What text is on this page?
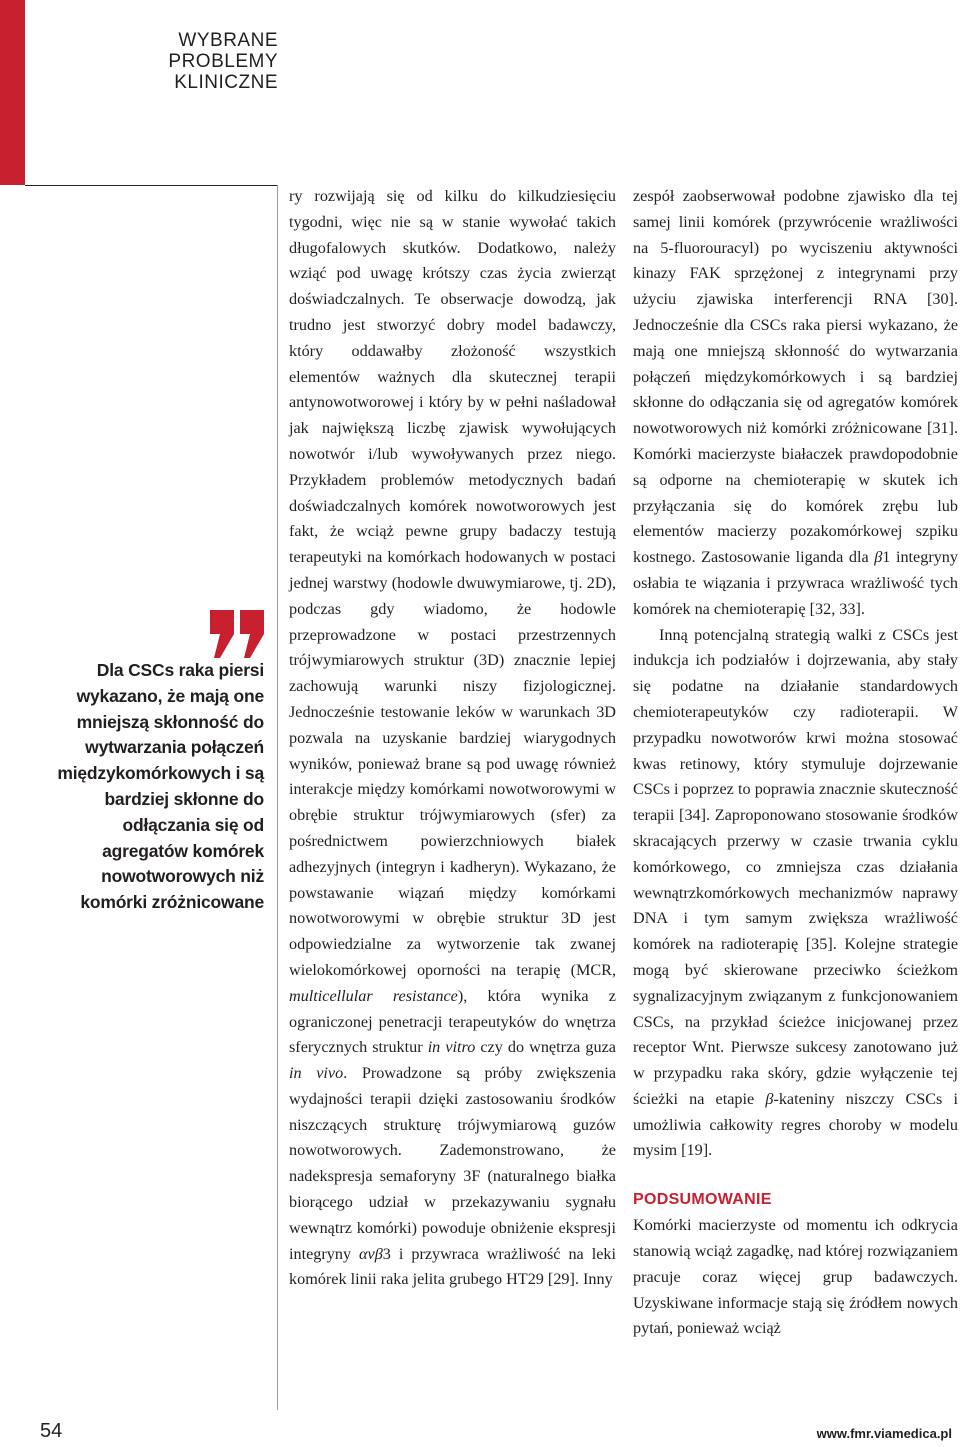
WYBRANE PROBLEMY KLINICZNE
Dla CSCs raka piersi wykazano, że mają one mniejszą skłonność do wytwarzania połączeń międzykomórkowych i są bardziej skłonne do odłączania się od agregatów komórek nowotworowych niż komórki zróżnicowane

ry rozwijają się od kilku do kilkudziesięciu tygodni, więc nie są w stanie wywołać takich długofalowych skutków. Dodatkowo, należy wziąć pod uwagę krótszy czas życia zwierząt doświadczalnych. Te obserwacje dowodzą, jak trudno jest stworzyć dobry model badawczy, który oddawałby złożoność wszystkich elementów ważnych dla skutecznej terapii antynowotworowej i który by w pełni naśladował jak największą liczbę zjawisk wywołujących nowotwór i/lub wywoływanych przez niego. Przykładem problemów metodycznych badań doświadczalnych komórek nowotworowych jest fakt, że wciąż pewne grupy badaczy testują terapeutyki na komórkach hodowanych w postaci jednej warstwy (hodowle dwuwymiarowe, tj. 2D), podczas gdy wiadomo, że hodowle przeprowadzone w postaci przestrzennych trójwymiarowych struktur (3D) znacznie lepiej zachowują warunki niszy fizjologicznej. Jednocześnie testowanie leków w warunkach 3D pozwala na uzyskanie bardziej wiarygodnych wyników, ponieważ brane są pod uwagę również interakcje między komórkami nowotworowymi w obrębie struktur trójwymiarowych (sfer) za pośrednictwem powierzchniowych białek adhezyjnych (integryn i kadheryn). Wykazano, że powstawanie wiązań między komórkami nowotworowymi w obrębie struktur 3D jest odpowiedzialne za wytworzenie tak zwanej wielokomórkowej oporności na terapię (MCR, multicellular resistance), która wynika z ograniczonej penetracji terapeutyków do wnętrza sferycznych struktur in vitro czy do wnętrza guza in vivo. Prowadzone są próby zwiększenia wydajności terapii dzięki zastosowaniu środków niszczących strukturę trójwymiarową guzów nowotworowych. Zademonstrowano, że nadekspresja semaforyny 3F (naturalnego białka biorącego udział w przekazywaniu sygnału wewnątrz komórki) powoduje obniżenie ekspresji integryny αvβ3 i przywraca wrażliwość na leki komórek linii raka jelita grubego HT29 [29]. Inny

zespół zaobserwował podobne zjawisko dla tej samej linii komórek (przywrócenie wrażliwości na 5-fluorouracyl) po wyciszeniu aktywności kinazy FAK sprzężonej z integrynami przy użyciu zjawiska interferencji RNA [30]. Jednocześnie dla CSCs raka piersi wykazano, że mają one mniejszą skłonność do wytwarzania połączeń międzykomórkowych i są bardziej skłonne do odłączania się od agregatów komórek nowotworowych niż komórki zróżnicowane [31]. Komórki macierzyste białaczek prawdopodobnie są odporne na chemioterapię w skutek ich przyłączania się do komórek zrębu lub elementów macierzy pozakomórkowej szpiku kostnego. Zastosowanie liganda dla β1 integryny osłabia te wiązania i przywraca wrażliwość tych komórek na chemioterapię [32, 33].

Inną potencjalną strategią walki z CSCs jest indukcja ich podziałów i dojrzewania, aby stały się podatne na działanie standardowych chemioterapeutyków czy radioterapii. W przypadku nowotworów krwi można stosować kwas retinowy, który stymuluje dojrzewanie CSCs i poprzez to poprawia znacznie skuteczność terapii [34]. Zaproponowano stosowanie środków skracających przerwy w czasie trwania cyklu komórkowego, co zmniejsza czas działania wewnątrzkomórkowych mechanizmów naprawy DNA i tym samym zwiększa wrażliwość komórek na radioterapię [35]. Kolejne strategie mogą być skierowane przeciwko ścieżkom sygnalizacyjnym związanym z funkcjonowaniem CSCs, na przykład ścieżce inicjowanej przez receptor Wnt. Pierwsze sukcesy zanotowano już w przypadku raka skóry, gdzie wyłączenie tej ścieżki na etapie β-kateniny niszczy CSCs i umożliwia całkowity regres choroby w modelu mysim [19].

PODSUMOWANIE

Komórki macierzyste od momentu ich odkrycia stanowią wciąż zagadkę, nad której rozwiązaniem pracuje coraz więcej grup badawczych. Uzyskiwane informacje stają się źródłem nowych pytań, ponieważ wciąż

54	www.fmr.viamedica.pl
